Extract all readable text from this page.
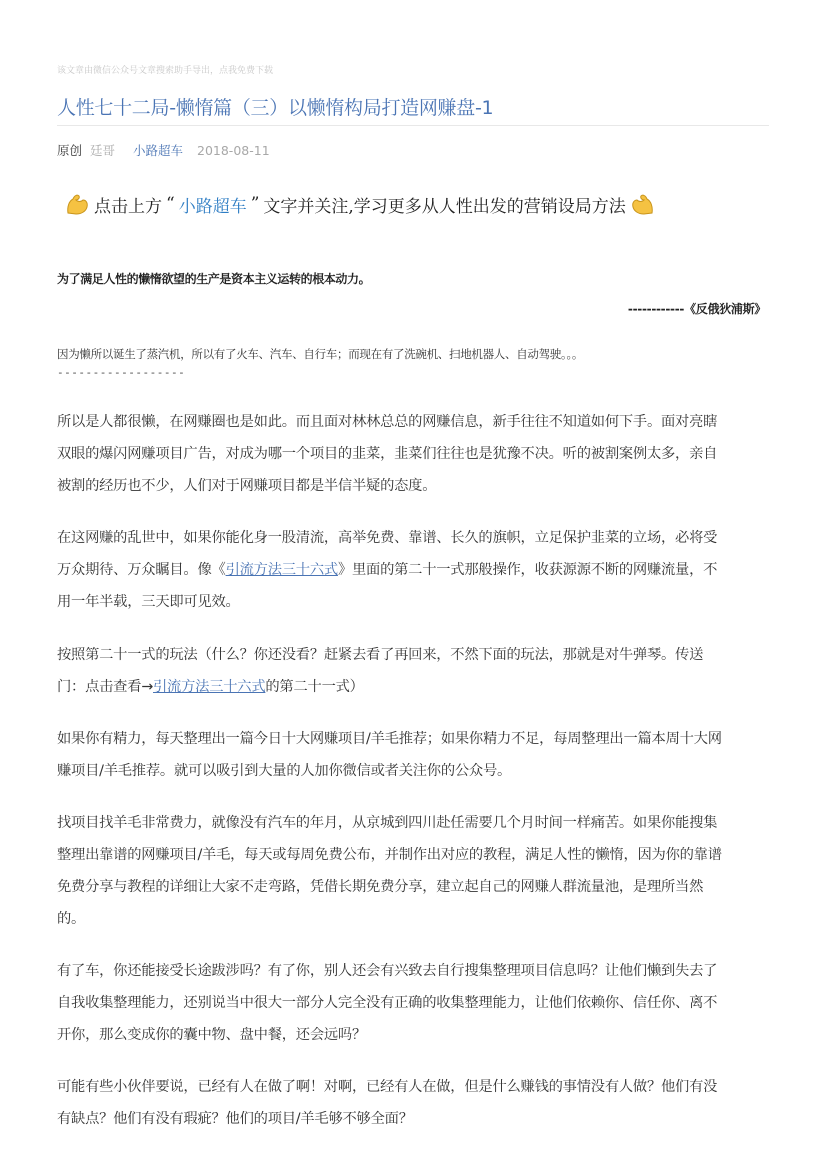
该文章由微信公众号文章搜索助手导出，点我免费下载
人性七十二局-懒惰篇（三）以懒惰构局打造网赚盘-1
原创 廷哥 小路超车 2018-08-11
点击上方 “ 小路超车 ” 文字并关注,学习更多从人性出发的营销设局方法
为了满足人性的懒惰欲望的生产是资本主义运转的根本动力。
------------《反俄狄浦斯》
因为懒所以诞生了蒸汽机，所以有了火车、汽车、自行车；而现在有了洗碗机、扫地机器人、自动驾驶。。。
------------------

所以是人都很懒，在网赚圈也是如此。而且面对林林总总的网赚信息，新手往往不知道如何下手。面对亮瞎
双眼的爆闪网赚项目广告，对成为哪一个项目的韭菜，韭菜们往往也是犹豫不决。听的被割案例太多，亲自
被割的经历也不少，人们对于网赚项目都是半信半疑的态度。

在这网赚的乱世中，如果你能化身一股清流，高举免费、靠谱、长久的旗帜，立足保护韭菜的立场，必将受
万众期待、万众瞩目。像《引流方法三十六式》里面的第二十一式那般操作，收获源源不断的网赚流量，不
用一年半载，三天即可见效。

按照第二十一式的玩法（什么？你还没看？赶紧去看了再回来，不然下面的玩法，那就是对牛弹琴。传送
门：点击查看→引流方法三十六式的第二十一式）

如果你有精力，每天整理出一篇今日十大网赚项目/羊毛推荐；如果你精力不足，每周整理出一篇本周十大网
赚项目/羊毛推荐。就可以吸引到大量的人加你微信或者关注你的公众号。

找项目找羊毛非常费力，就像没有汽车的年月，从京城到四川赴任需要几个月时间一样痛苦。如果你能搜集
整理出靠谱的网赚项目/羊毛，每天或每周免费公布，并制作出对应的教程，满足人性的懒惰，因为你的靠谱
免费分享与教程的详细让大家不走弯路，凭借长期免费分享，建立起自己的网赚人群流量池，是理所当然
的。

有了车，你还能接受长途跋涉吗？有了你，别人还会有兴致去自行搜集整理项目信息吗？让他们懒到失去了
自我收集整理能力，还别说当中很大一部分人完全没有正确的收集整理能力，让他们依赖你、信任你、离不
开你，那么变成你的囊中物、盘中餐，还会远吗？

可能有些小伙伴要说，已经有人在做了啊！对啊，已经有人在做，但是什么赚钱的事情没有人做？他们有没
有缺点？他们有没有瑕疵？他们的项目/羊毛够不够全面？
